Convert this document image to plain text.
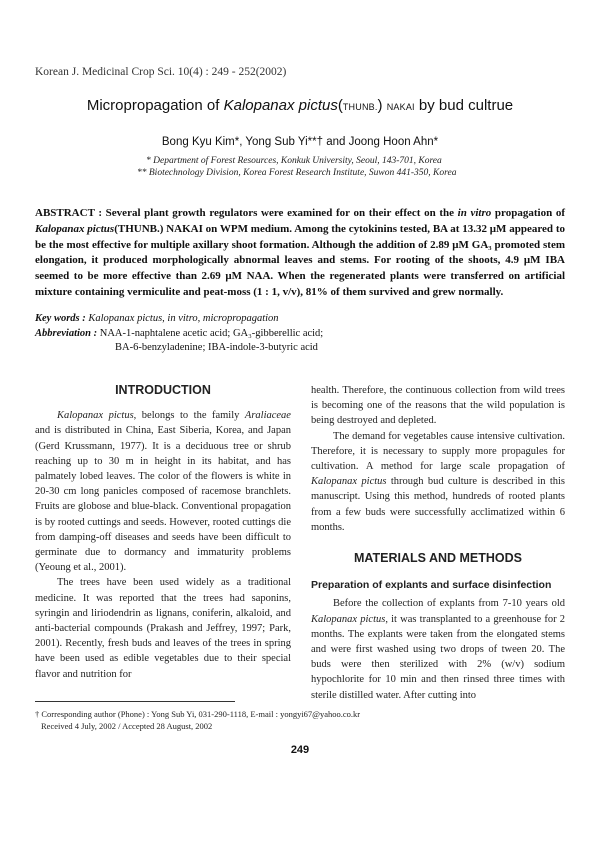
Korean J. Medicinal Crop Sci. 10(4) : 249 - 252(2002)
Micropropagation of Kalopanax pictus(THUNB.) NAKAI by bud cultrue
Bong Kyu Kim*, Yong Sub Yi**† and Joong Hoon Ahn*
* Department of Forest Resources, Konkuk University, Seoul, 143-701, Korea
** Biotechnology Division, Korea Forest Research Institute, Suwon 441-350, Korea
ABSTRACT : Several plant growth regulators were examined for on their effect on the in vitro propagation of Kalopanax pictus(THUNB.) NAKAI on WPM medium. Among the cytokinins tested, BA at 13.32 μM appeared to be the most effective for multiple axillary shoot formation. Although the addition of 2.89 μM GA₃ promoted stem elongation, it produced morphologically abnormal leaves and stems. For rooting of the shoots, 4.9 μM IBA seemed to be more effective than 2.69 μM NAA. When the regenerated plants were transferred on artificial mixture containing vermiculite and peat-moss (1 : 1, v/v), 81% of them survived and grew normally.
Key words : Kalopanax pictus, in vitro, micropropagation
Abbreviation : NAA-1-naphtalene acetic acid; GA₃-gibberellic acid;
BA-6-benzyladenine; IBA-indole-3-butyric acid
INTRODUCTION

Kalopanax pictus, belongs to the family Araliaceae and is distributed in China, East Siberia, Korea, and Japan (Gerd Krussmann, 1977). It is a deciduous tree or shrub reaching up to 30 m in height in its habitat, and has palmately lobed leaves. The color of the flowers is white in 20-30 cm long panicles composed of racemose branchlets. Fruits are globose and blue-black. Conventional propagation is by rooted cuttings and seeds. However, rooted cuttings die from damping-off diseases and seeds have been difficult to germinate due to dormancy and immaturity problems (Yeoung et al., 2001).

The trees have been used widely as a traditional medicine. It was reported that the trees had saponins, syringin and liriodendrin as lignans, coniferin, alkaloid, and anti-bacterial compounds (Prakash and Jeffrey, 1997; Park, 2001). Recently, fresh buds and leaves of the trees in spring have been used as edible vegetables due to their special flavor and nutrition for

health. Therefore, the continuous collection from wild trees is becoming one of the reasons that the wild population is being destroyed and depleted.

The demand for vegetables cause intensive cultivation. Therefore, it is necessary to supply more propagules for cultivation. A method for large scale propagation of Kalopanax pictus through bud culture is described in this manuscript. Using this method, hundreds of rooted plants from a few buds were successfully acclimatized within 6 months.

MATERIALS AND METHODS
Preparation of explants and surface disinfection

Before the collection of explants from 7-10 years old Kalopanax pictus, it was transplanted to a greenhouse for 2 months. The explants were taken from the elongated stems and were first washed using two drops of tween 20. The buds were then sterilized with 2% (w/v) sodium hypochlorite for 10 min and then rinsed three times with sterile distilled water. After cutting into

† Corresponding author (Phone) : Yong Sub Yi, 031-290-1118, E-mail : yongyi67@yahoo.co.kr
Received 4 July, 2002 / Accepted 28 August, 2002
249
